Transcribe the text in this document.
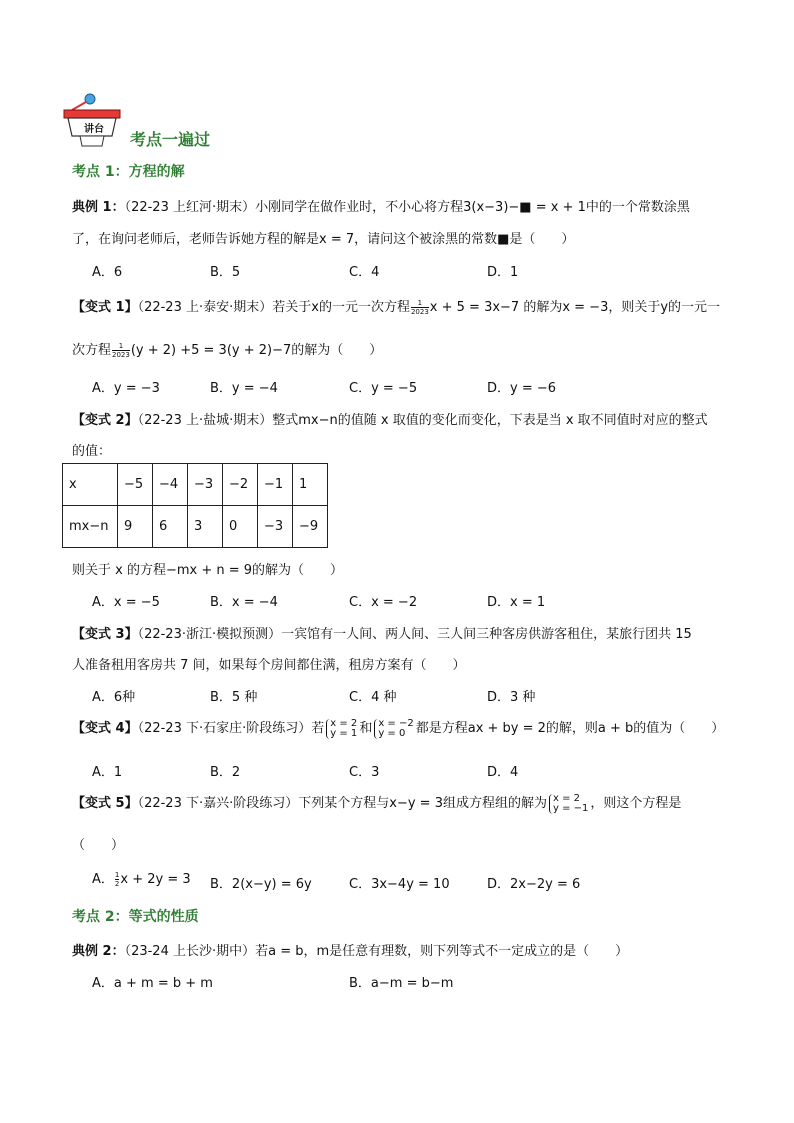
讲台
考点一遍过
考点 1：方程的解
典例 1：（22-23 上红河·期末）小刚同学在做作业时，不小心将方程3(x−3)−■ = x + 1中的一个常数涂黑
了，在询问老师后，老师告诉她方程的解是x = 7，请问这个被涂黑的常数■是（　　）
A．6	B．5	C．4	D．1
【变式 1】（22-23 上·泰安·期末）若关于x的一元一次方程 $\frac{1}{2023}$ x + 5 = 3x−7 的解为x = −3，则关于y的一元一
次方程 $\frac{1}{2023} (y + 2) +5 = 3(y + 2)-7$的解为（　　）
A．y = −3	B．y = −4	C．y = −5	D．y = −6
【变式 2】（22-23 上·盐城·期末）整式mx−n的值随 x 取值的变化而变化，下表是当 x 取不同值时对应的整式
的值：
x	−5	−4	−3	−2	−1	1
mx−n	9	6	3	0	−3	−9
则关于 x 的方程−mx + n = 9的解为（　　）
A．x = −5	B．x = −4	C．x = −2	D．x = 1
【变式 3】（22-23·浙江·模拟预测）一宾馆有一人间、两人间、三人间三种客房供游客租住，某旅行团共 15
人准备租用客房共 7 间，如果每个房间都住满，租房方案有（　　）
A．6种	B．5 种	C．4 种	D．3 种
【变式 4】（22-23 下·石家庄·阶段练习）若 x = 2
y = 1 和 x = −2
y = 0 都是方程ax + by = 2的解，则a + b的值为（　　）
A．1	B．2	C．3	D．4
【变式 5】（22-23 下·嘉兴·阶段练习）下列某个方程与x−y = 3组成方程组的解为 x = 2
y = −1 ，则这个方程是
（　　）
A． $\frac{1}{2}$ x + 2y = 3 B．2(x−y) = 6y	C．3x−4y = 10	D．2x−2y = 6
考点 2：等式的性质
典例 2：（23-24 上长沙·期中）若a = b，m是任意有理数，则下列等式不一定成立的是（　　）
A．a + m = b + m	B．a−m = b−m
